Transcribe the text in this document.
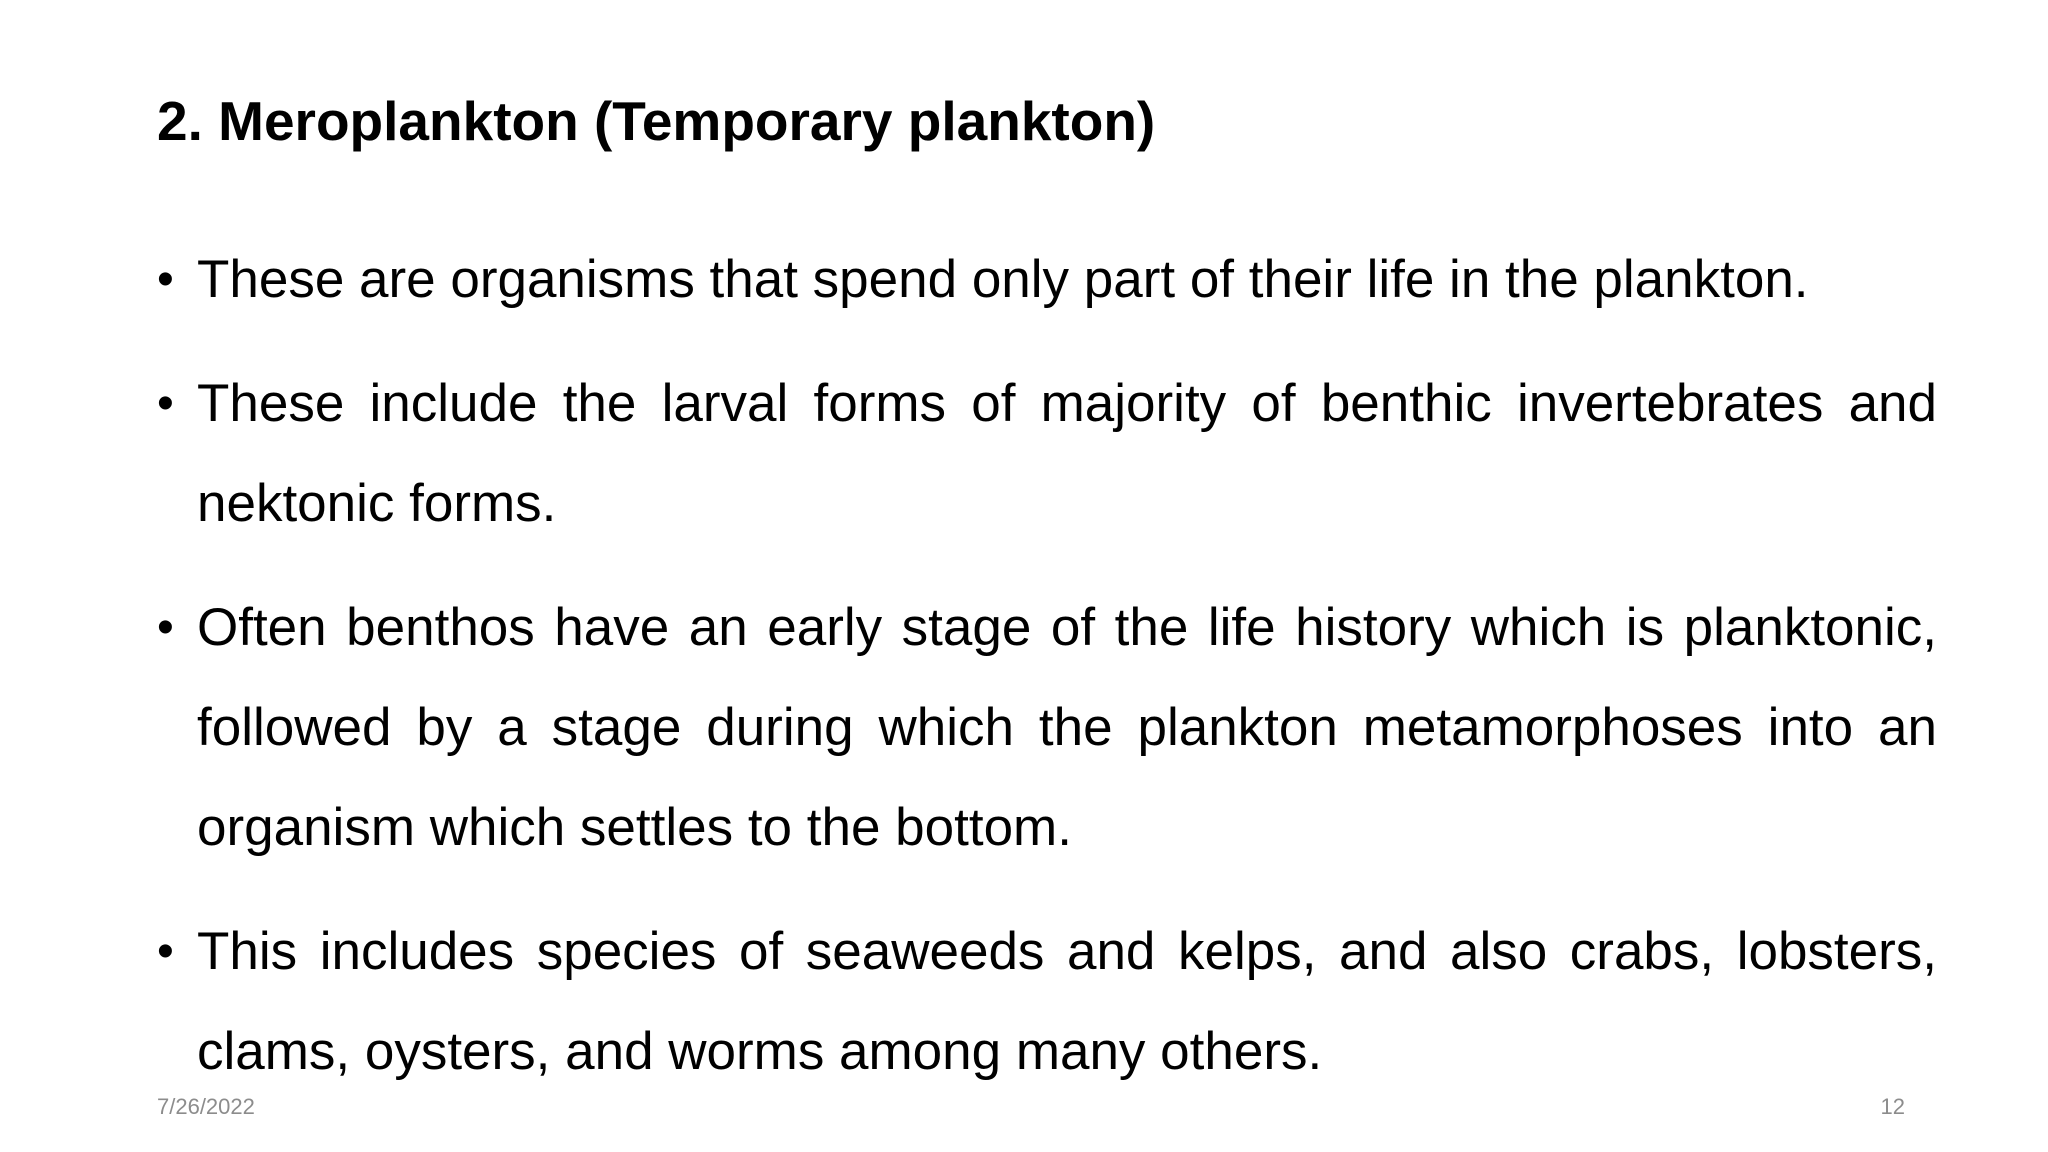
2. Meroplankton (Temporary plankton)
• These are organisms that spend only part of their life in the plankton.
• These include the larval forms of majority of benthic invertebrates and nektonic forms.
• Often benthos have an early stage of the life history which is planktonic, followed by a stage during which the plankton metamorphoses into an organism which settles to the bottom.
• This includes species of seaweeds and kelps, and also crabs, lobsters, clams, oysters, and worms among many others.
7/26/2022	12
